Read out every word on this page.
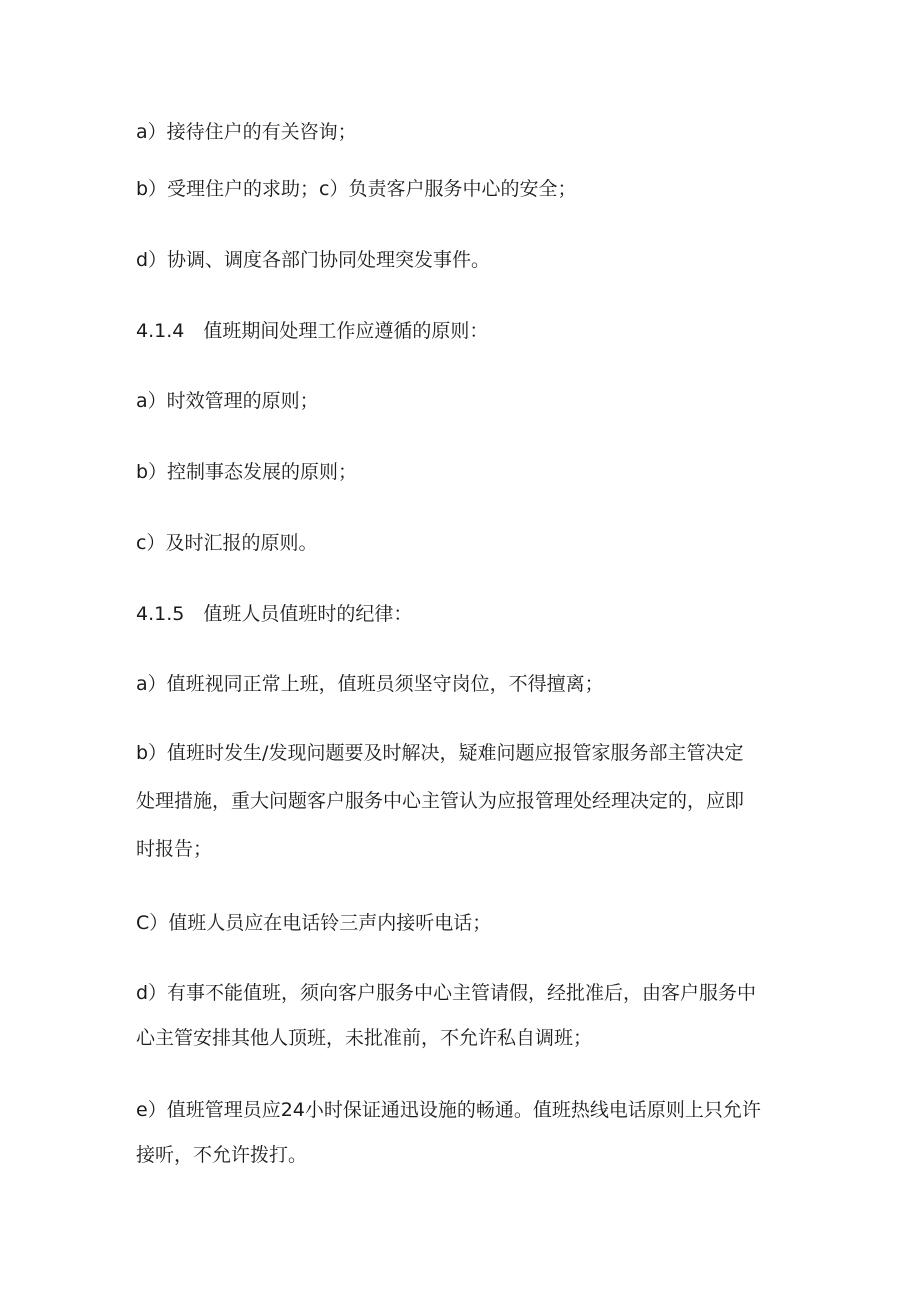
a）接待住户的有关咨询；
b）受理住户的求助；c）负责客户服务中心的安全；
d）协调、调度各部门协同处理突发事件。
4.1.4　值班期间处理工作应遵循的原则：
a）时效管理的原则；
b）控制事态发展的原则；
c）及时汇报的原则。
4.1.5　值班人员值班时的纪律：
a）值班视同正常上班，值班员须坚守岗位，不得擅离；
b）值班时发生/发现问题要及时解决，疑难问题应报管家服务部主管决定
处理措施，重大问题客户服务中心主管认为应报管理处经理决定的，应即
时报告；
C）值班人员应在电话铃三声内接听电话；
d）有事不能值班，须向客户服务中心主管请假，经批准后，由客户服务中
心主管安排其他人顶班，未批准前，不允许私自调班；
e）值班管理员应24小时保证通迅设施的畅通。值班热线电话原则上只允许
接听，不允许拨打。
